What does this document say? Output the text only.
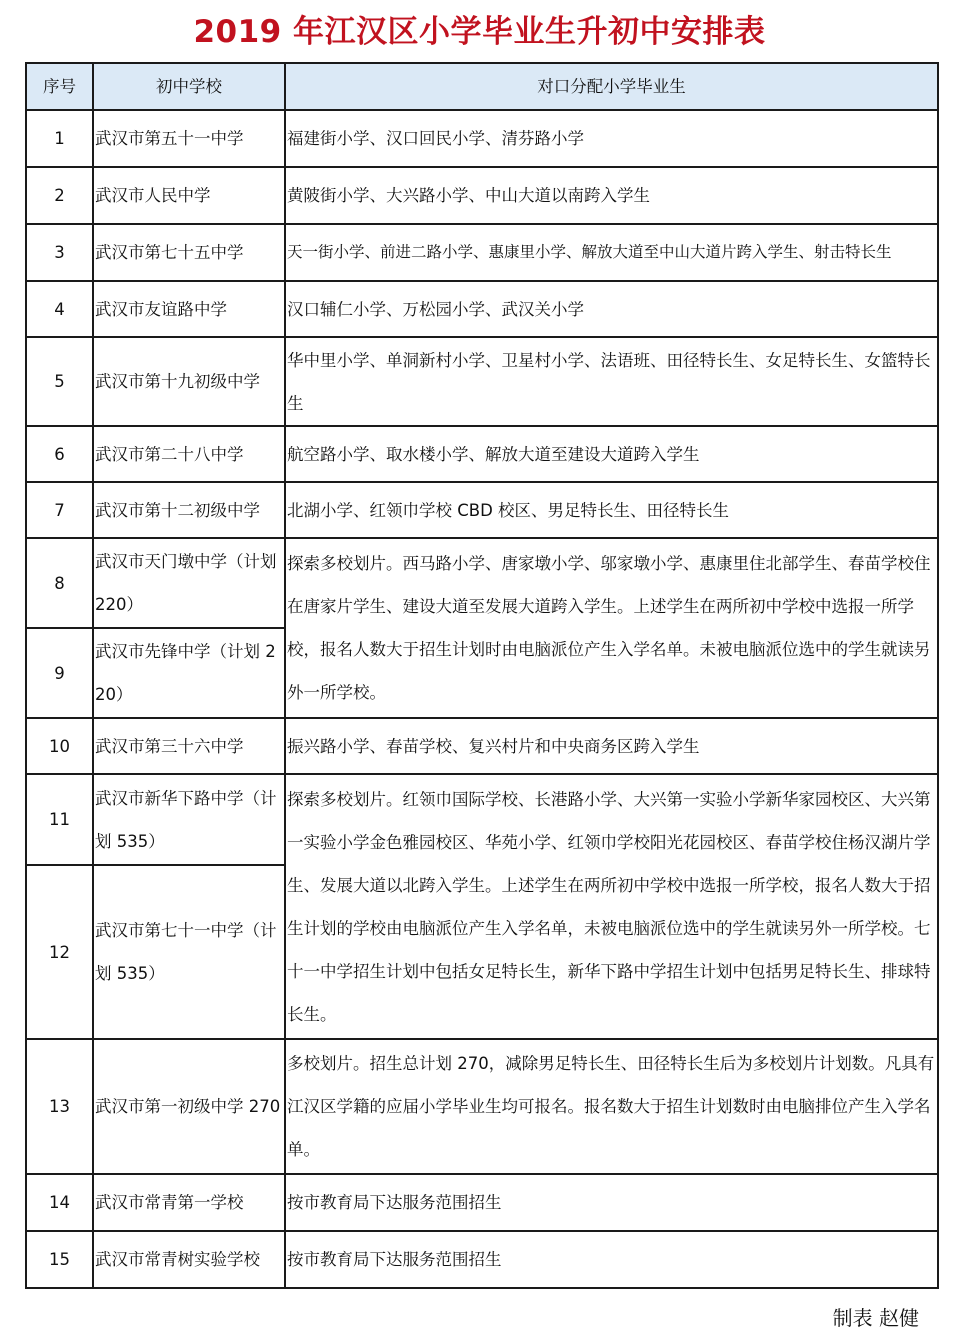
2019 年江汉区小学毕业生升初中安排表
序号	初中学校	对口分配小学毕业生
1	武汉市第五十一中学	福建街小学、汉口回民小学、清芬路小学
2	武汉市人民中学	黄陂街小学、大兴路小学、中山大道以南跨入学生
3	武汉市第七十五中学	天一街小学、前进二路小学、惠康里小学、解放大道至中山大道片跨入学生、射击特长生
4	武汉市友谊路中学	汉口辅仁小学、万松园小学、武汉关小学
5	武汉市第十九初级中学	华中里小学、单洞新村小学、卫星村小学、法语班、田径特长生、女足特长生、女篮特长生
6	武汉市第二十八中学	航空路小学、取水楼小学、解放大道至建设大道跨入学生
7	武汉市第十二初级中学	北湖小学、红领巾学校 CBD 校区、男足特长生、田径特长生
8	武汉市天门墩中学（计划 220）	探索多校划片。西马路小学、唐家墩小学、邬家墩小学、惠康里住北部学生、春苗学校住在唐家片学生、建设大道至发展大道跨入学生。上述学生在两所初中学校中选报一所学校，报名人数大于招生计划时由电脑派位产生入学名单。未被电脑派位选中的学生就读另外一所学校。
9	武汉市先锋中学（计划 220）	
10	武汉市第三十六中学	振兴路小学、春苗学校、复兴村片和中央商务区跨入学生
11	武汉市新华下路中学（计划 535）	探索多校划片。红领巾国际学校、长港路小学、大兴第一实验小学新华家园校区、大兴第一实验小学金色雅园校区、华苑小学、红领巾学校阳光花园校区、春苗学校住杨汉湖片学生、发展大道以北跨入学生。上述学生在两所初中学校中选报一所学校，报名人数大于招生计划的学校由电脑派位产生入学名单，未被电脑派位选中的学生就读另外一所学校。七十一中学招生计划中包括女足特长生，新华下路中学招生计划中包括男足特长生、排球特长生。
12	武汉市第七十一中学（计划 535）	
13	武汉市第一初级中学 270	多校划片。招生总计划 270，减除男足特长生、田径特长生后为多校划片计划数。凡具有江汉区学籍的应届小学毕业生均可报名。报名数大于招生计划数时由电脑排位产生入学名单。
14	武汉市常青第一学校	按市教育局下达服务范围招生
15	武汉市常青树实验学校	按市教育局下达服务范围招生
制表 赵健
